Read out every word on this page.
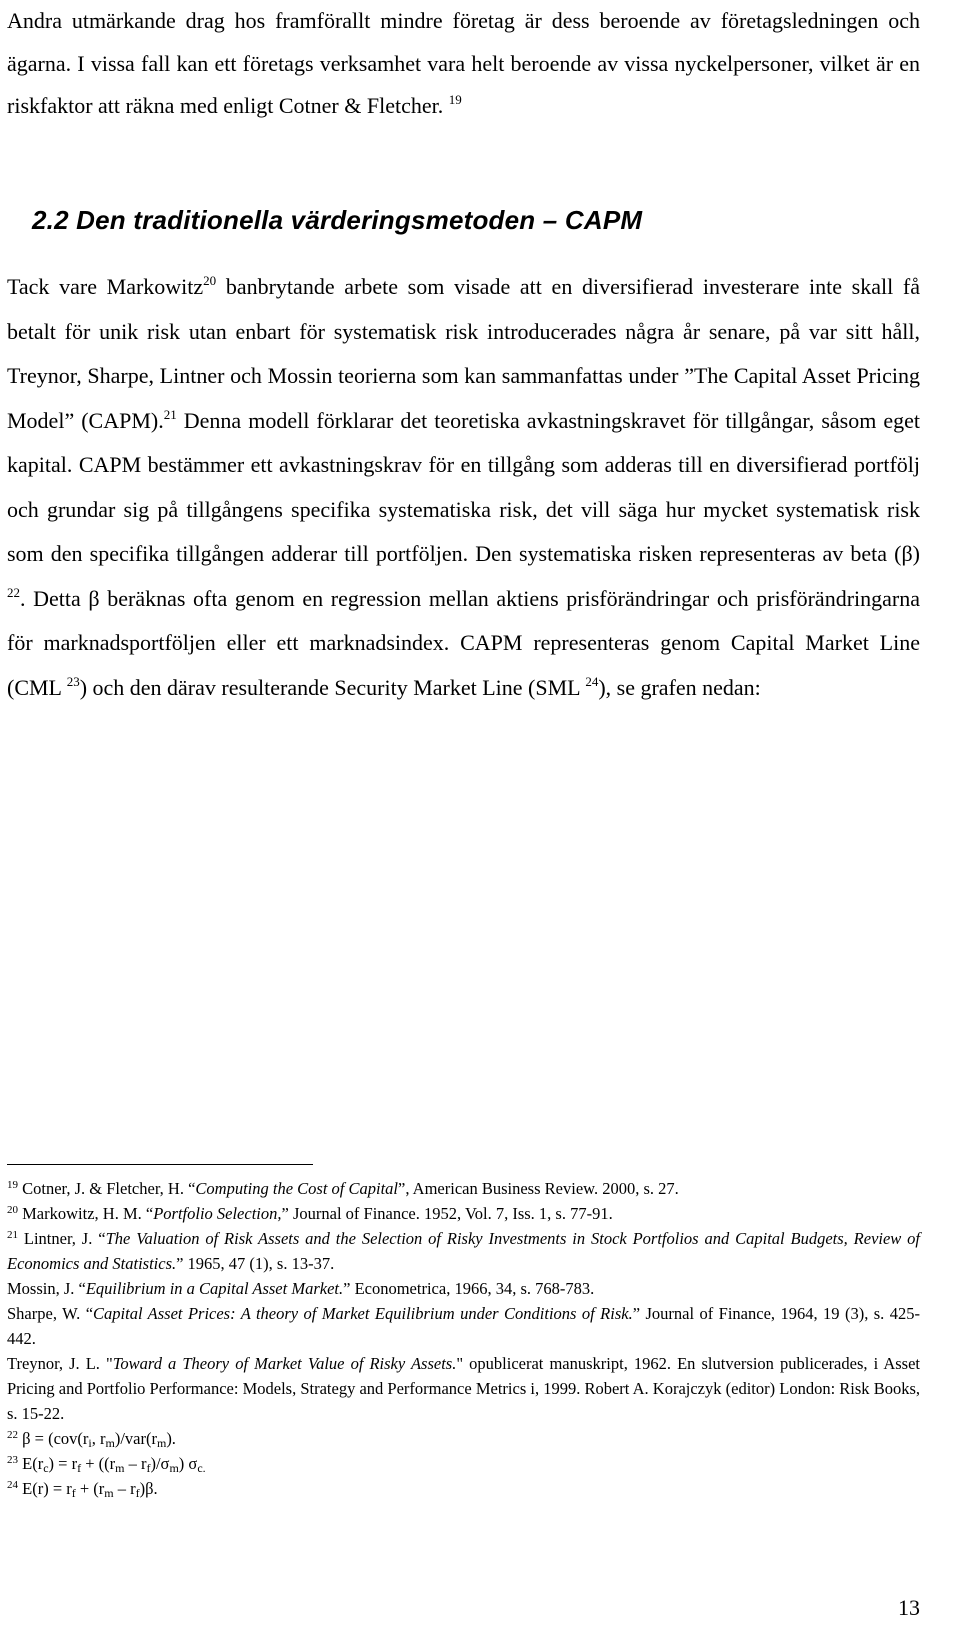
Andra utmärkande drag hos framförallt mindre företag är dess beroende av företagsledningen och ägarna. I vissa fall kan ett företags verksamhet vara helt beroende av vissa nyckelpersoner, vilket är en riskfaktor att räkna med enligt Cotner & Fletcher. $^{19}$

2.2 Den traditionella värderingsmetoden – CAPM

Tack vare Markowitz$^{20}$ banbrytande arbete som visade att en diversifierad investerare inte skall få betalt för unik risk utan enbart för systematisk risk introducerades några år senare, på var sitt håll, Treynor, Sharpe, Lintner och Mossin teorierna som kan sammanfattas under ”The Capital Asset Pricing Model” (CAPM).$^{21}$ Denna modell förklarar det teoretiska avkastningskravet för tillgångar, såsom eget kapital. CAPM bestämmer ett avkastningskrav för en tillgång som adderas till en diversifierad portfölj och grundar sig på tillgångens specifika systematiska risk, det vill säga hur mycket systematisk risk som den specifika tillgången adderar till portföljen. Den systematiska risken representeras av beta (β) $^{22}$. Detta β beräknas ofta genom en regression mellan aktiens prisförändringar och prisförändringarna för marknadsportföljen eller ett marknadsindex. CAPM representeras genom Capital Market Line (CML $^{23}$) och den därav resulterande Security Market Line (SML $^{24}$), se grafen nedan:

$^{19}$ Cotner, J. & Fletcher, H. “Computing the Cost of Capital”, American Business Review. 2000, s. 27.

$^{20}$ Markowitz, H. M. “Portfolio Selection,” Journal of Finance. 1952, Vol. 7, Iss. 1, s. 77-91.

$^{21}$ Lintner, J. “The Valuation of Risk Assets and the Selection of Risky Investments in Stock Portfolios and Capital Budgets, Review of Economics and Statistics.” 1965, 47 (1), s. 13-37.

Mossin, J. “Equilibrium in a Capital Asset Market.” Econometrica, 1966, 34, s. 768-783.

Sharpe, W. “Capital Asset Prices: A theory of Market Equilibrium under Conditions of Risk.” Journal of Finance, 1964, 19 (3), s. 425-442.

Treynor, J. L. "Toward a Theory of Market Value of Risky Assets." opublicerat manuskript, 1962. En slutversion publicerades, i Asset Pricing and Portfolio Performance: Models, Strategy and Performance Metrics i, 1999. Robert A. Korajczyk (editor) London: Risk Books, s. 15-22.

$^{22}$ $\beta = (cov(r_i$, $r_m)/var(r_m)$.

$^{23}$ $E(r_c) = r_f + ((r_m - r_f)/\sigma_m)$ $\sigma_{c.}$

$^{24}$ $E(r) = r_f + (r_m - r_f)\beta$.

13
